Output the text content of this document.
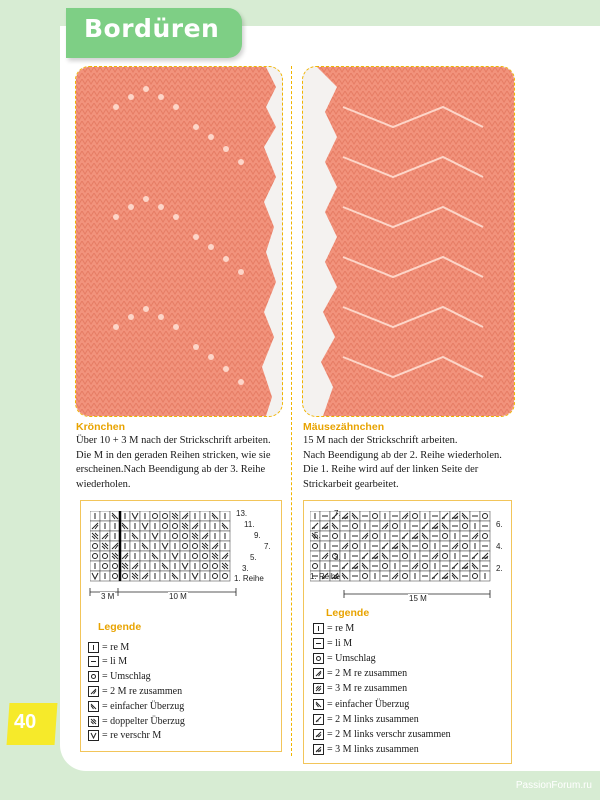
Bordüren
Krönchen
Über 10 + 3 M nach der Strickschrift arbeiten.
Die M in den geraden Reihen stricken, wie sie
erscheinen.Nach Beendigung ab der 3. Reihe
wiederholen.
Mäusezähnchen
15 M nach der Strickschrift arbeiten.
Nach Beendigung ab der 2. Reihe wiederholen.
Die 1. Reihe wird auf der linken Seite der
Strickarbeit gearbeitet.
13.
11.
9.
7.
5.
3.
1. Reihe
3 M	10 M
Legende
= re M
= li M
= Umschlag
= 2 M re zusammen
= einfacher Überzug
= doppelter Überzug
= re verschr M
7.
5.
3.
1. Reihe
6.
4.
2.
15 M
Legende
= re M
= li M
= Umschlag
= 2 M re zusammen
= 3 M re zusammen
= einfacher Überzug
= 2 M links zusammen
= 2 M links verschr zusammen
= 3 M links zusammen
40
PassionForum.ru
